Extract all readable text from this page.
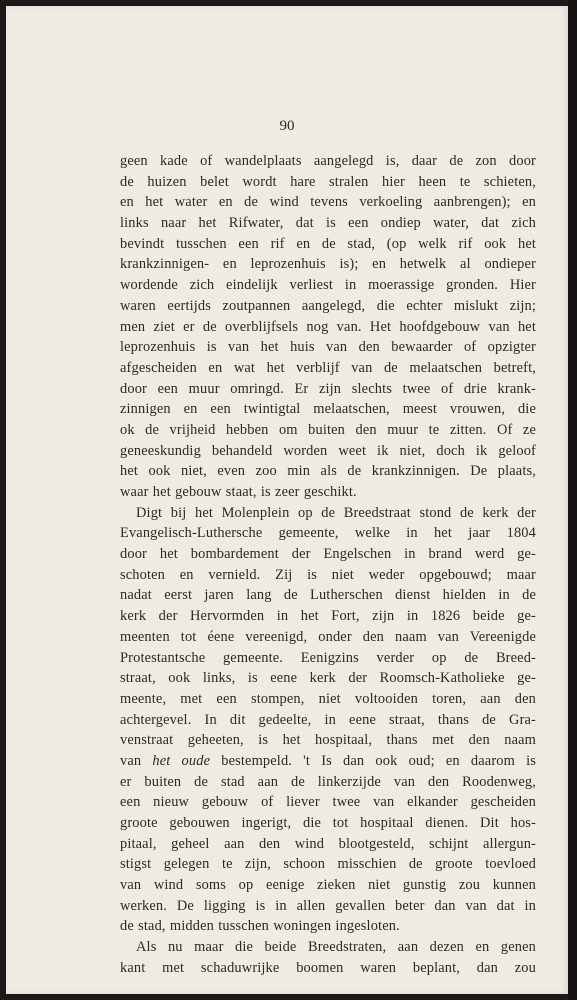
90
geen kade of wandelplaats aangelegd is, daar de zon door
de huizen belet wordt hare stralen hier heen te schieten,
en het water en de wind tevens verkoeling aanbrengen); en
links naar het Rifwater, dat is een ondiep water, dat zich
bevindt tusschen een rif en de stad, (op welk rif ook het
krankzinnigen- en leprozenhuis is); en hetwelk al ondieper
wordende zich eindelijk verliest in moerassige gronden. Hier
waren eertijds zoutpannen aangelegd, die echter mislukt zijn;
men ziet er de overblijfsels nog van. Het hoofdgebouw van het
leprozenhuis is van het huis van den bewaarder of opzigter
afgescheiden en wat het verblijf van de melaatschen betreft,
door een muur omringd. Er zijn slechts twee of drie krank-
zinnigen en een twintigtal melaatschen, meest vrouwen, die
ok de vrijheid hebben om buiten den muur te zitten. Of ze
geneeskundig behandeld worden weet ik niet, doch ik geloof
het ook niet, even zoo min als de krankzinnigen. De plaats,
waar het gebouw staat, is zeer geschikt.
Digt bij het Molenplein op de Breedstraat stond de kerk der
Evangelisch-Luthersche gemeente, welke in het jaar 1804
door het bombardement der Engelschen in brand werd ge-
schoten en vernield. Zij is niet weder opgebouwd; maar
nadat eerst jaren lang de Lutherschen dienst hielden in de
kerk der Hervormden in het Fort, zijn in 1826 beide ge-
meenten tot éene vereenigd, onder den naam van Vereenigde
Protestantsche gemeente. Eenigzins verder op de Breed-
straat, ook links, is eene kerk der Roomsch-Katholieke ge-
meente, met een stompen, niet voltooiden toren, aan den
achtergevel. In dit gedeelte, in eene straat, thans de Gra-
venstraat geheeten, is het hospitaal, thans met den naam
van het oude bestempeld. 't Is dan ook oud; en daarom is
er buiten de stad aan de linkerzijde van den Roodenweg,
een nieuw gebouw of liever twee van elkander gescheiden
groote gebouwen ingerigt, die tot hospitaal dienen. Dit hos-
pitaal, geheel aan den wind blootgesteld, schijnt allergun-
stigst gelegen te zijn, schoon misschien de groote toevloed
van wind soms op eenige zieken niet gunstig zou kunnen
werken. De ligging is in allen gevallen beter dan van dat in
de stad, midden tusschen woningen ingesloten.
Als nu maar die beide Breedstraten, aan dezen en genen
kant met schaduwrijke boomen waren beplant, dan zou
